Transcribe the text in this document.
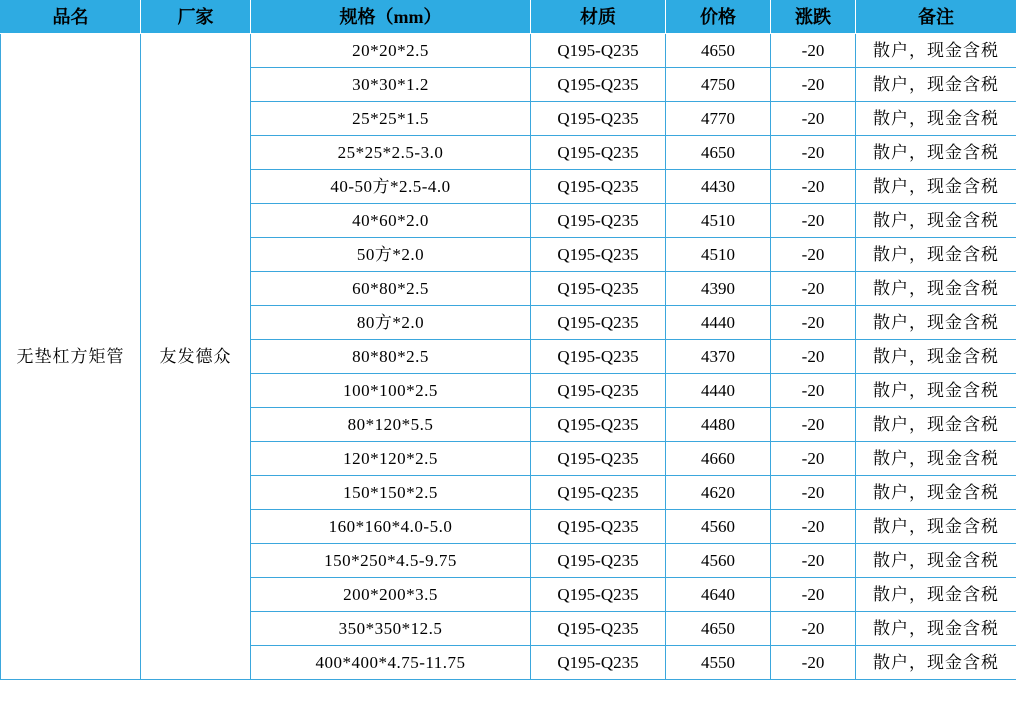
品名	厂家	规格（mm）	材质	价格	涨跌	备注
无垫杠方矩管	友发德众	20*20*2.5	Q195-Q235	4650	-20	散户，现金含税
		30*30*1.2	Q195-Q235	4750	-20	散户，现金含税
		25*25*1.5	Q195-Q235	4770	-20	散户，现金含税
		25*25*2.5-3.0	Q195-Q235	4650	-20	散户，现金含税
		40-50方*2.5-4.0	Q195-Q235	4430	-20	散户，现金含税
		40*60*2.0	Q195-Q235	4510	-20	散户，现金含税
		50方*2.0	Q195-Q235	4510	-20	散户，现金含税
		60*80*2.5	Q195-Q235	4390	-20	散户，现金含税
		80方*2.0	Q195-Q235	4440	-20	散户，现金含税
		80*80*2.5	Q195-Q235	4370	-20	散户，现金含税
		100*100*2.5	Q195-Q235	4440	-20	散户，现金含税
		80*120*5.5	Q195-Q235	4480	-20	散户，现金含税
		120*120*2.5	Q195-Q235	4660	-20	散户，现金含税
		150*150*2.5	Q195-Q235	4620	-20	散户，现金含税
		160*160*4.0-5.0	Q195-Q235	4560	-20	散户，现金含税
		150*250*4.5-9.75	Q195-Q235	4560	-20	散户，现金含税
		200*200*3.5	Q195-Q235	4640	-20	散户，现金含税
		350*350*12.5	Q195-Q235	4650	-20	散户，现金含税
		400*400*4.75-11.75	Q195-Q235	4550	-20	散户，现金含税
